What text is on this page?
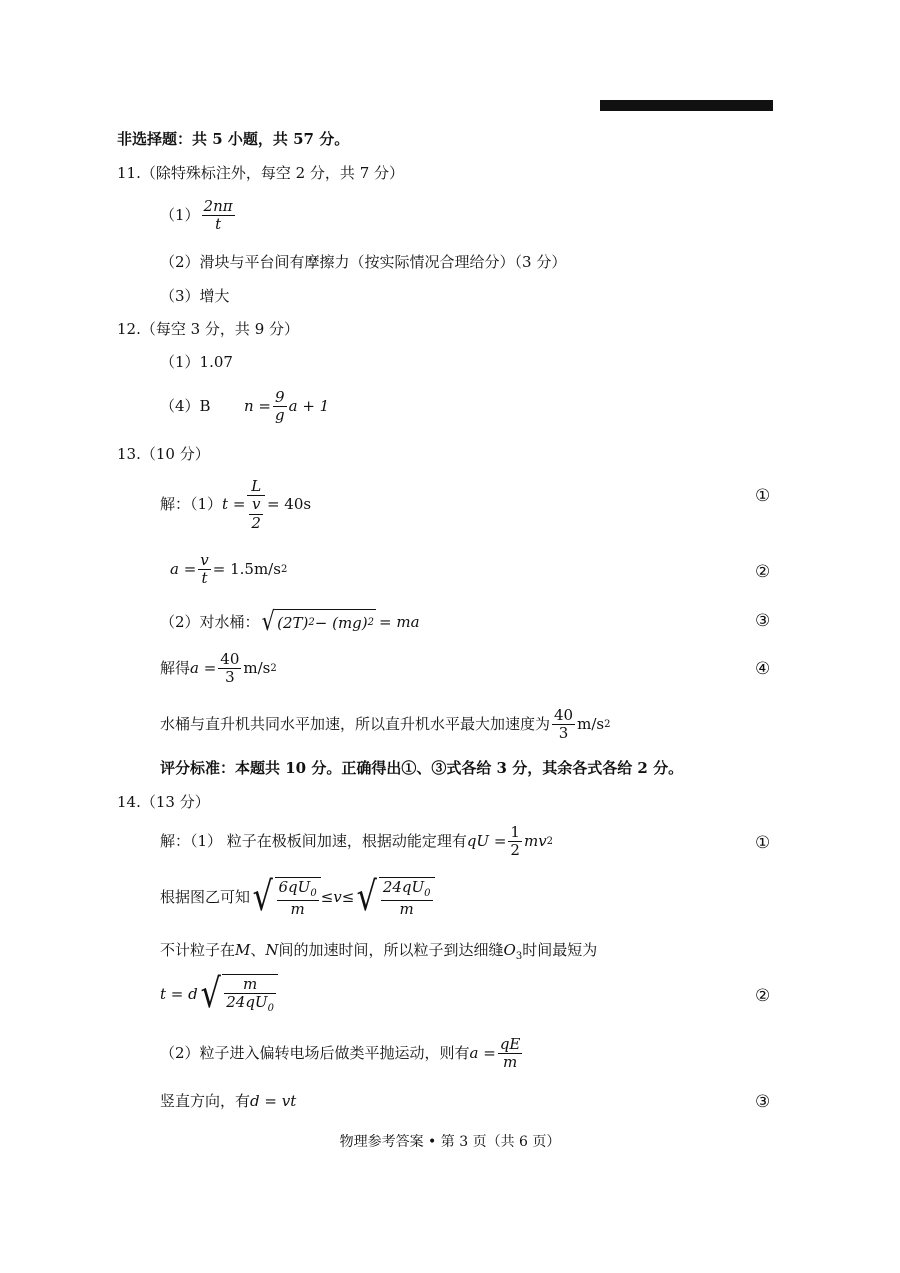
非选择题：共 5 小题，共 57 分。
11.（除特殊标注外，每空 2 分，共 7 分）
$(1) \frac{2n\pi}{t}$
（2）滑块与平台间有摩擦力（按实际情况合理给分）（3 分）
（3）增大
12.（每空 3 分，共 9 分）
（1）1.07
（4）B	$n = \frac{9}{g}$ a + 1
13.（10 分）
解：（1） $t = \frac{L}{\frac{v}{2}} = 40s$
$a = \frac{v}{t} = 1.5m/s$ 2
（2）对水桶： √ (2T) 2 − (mg) 2 = ma
解得 $a = \frac{40}{3} m/s$ 2
水桶与直升机共同水平加速，所以直升机水平最大加速度为 $\frac{40}{3} m/s$ 2
评分标准：本题共 10 分。正确得出①、③式各给 3 分，其余各式各给 2 分。
14.（13 分）
解：（1） 粒子在极板间加速，根据动能定理有 qU = $\frac{1}{2}$ mv 2
根据图乙可知 √ $\frac{6qU_0}{m} \le v\le$ √ $\frac{24qU_0}{m}$
不计粒子在M、N间的加速时间，所以粒子到达细缝$O_3$时间最短为
t = d √ $\frac{m}{24qU_0}$
（2）粒子进入偏转电场后做类平抛运动，则有 $a = \frac{qE}{m}$
竖直方向，有d = vt
①
②
③
④
①
②
③
物理参考答案 • 第 3 页（共 6 页）
